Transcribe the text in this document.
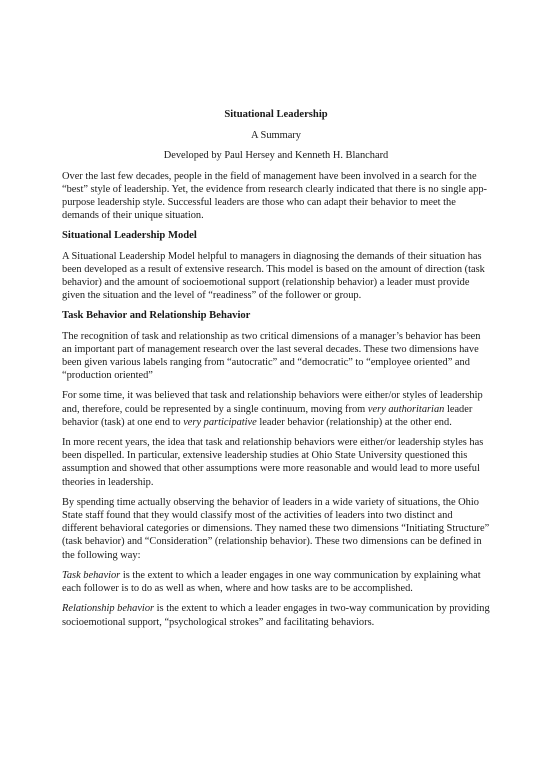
Situational Leadership
A Summary
Developed by Paul Hersey and Kenneth H. Blanchard

Over the last few decades, people in the field of management have been involved in a search for the “best” style of leadership. Yet, the evidence from research clearly indicated that there is no single app-purpose leadership style. Successful leaders are those who can adapt their behavior to meet the demands of their unique situation.

Situational Leadership Model

A Situational Leadership Model helpful to managers in diagnosing the demands of their situation has been developed as a result of extensive research. This model is based on the amount of direction (task behavior) and the amount of socioemotional support (relationship behavior) a leader must provide given the situation and the level of “readiness” of the follower or group.

Task Behavior and Relationship Behavior

The recognition of task and relationship as two critical dimensions of a manager’s behavior has been an important part of management research over the last several decades. These two dimensions have been given various labels ranging from “autocratic” and “democratic” to “employee oriented” and “production oriented”

For some time, it was believed that task and relationship behaviors were either/or styles of leadership and, therefore, could be represented by a single continuum, moving from very authoritarian leader behavior (task) at one end to very participative leader behavior (relationship) at the other end.

In more recent years, the idea that task and relationship behaviors were either/or leadership styles has been dispelled. In particular, extensive leadership studies at Ohio State University questioned this assumption and showed that other assumptions were more reasonable and would lead to more useful theories in leadership.

By spending time actually observing the behavior of leaders in a wide variety of situations, the Ohio State staff found that they would classify most of the activities of leaders into two distinct and different behavioral categories or dimensions. They named these two dimensions “Initiating Structure” (task behavior) and “Consideration” (relationship behavior). These two dimensions can be defined in the following way:

Task behavior is the extent to which a leader engages in one way communication by explaining what each follower is to do as well as when, where and how tasks are to be accomplished.

Relationship behavior is the extent to which a leader engages in two-way communication by providing socioemotional support, “psychological strokes” and facilitating behaviors.
